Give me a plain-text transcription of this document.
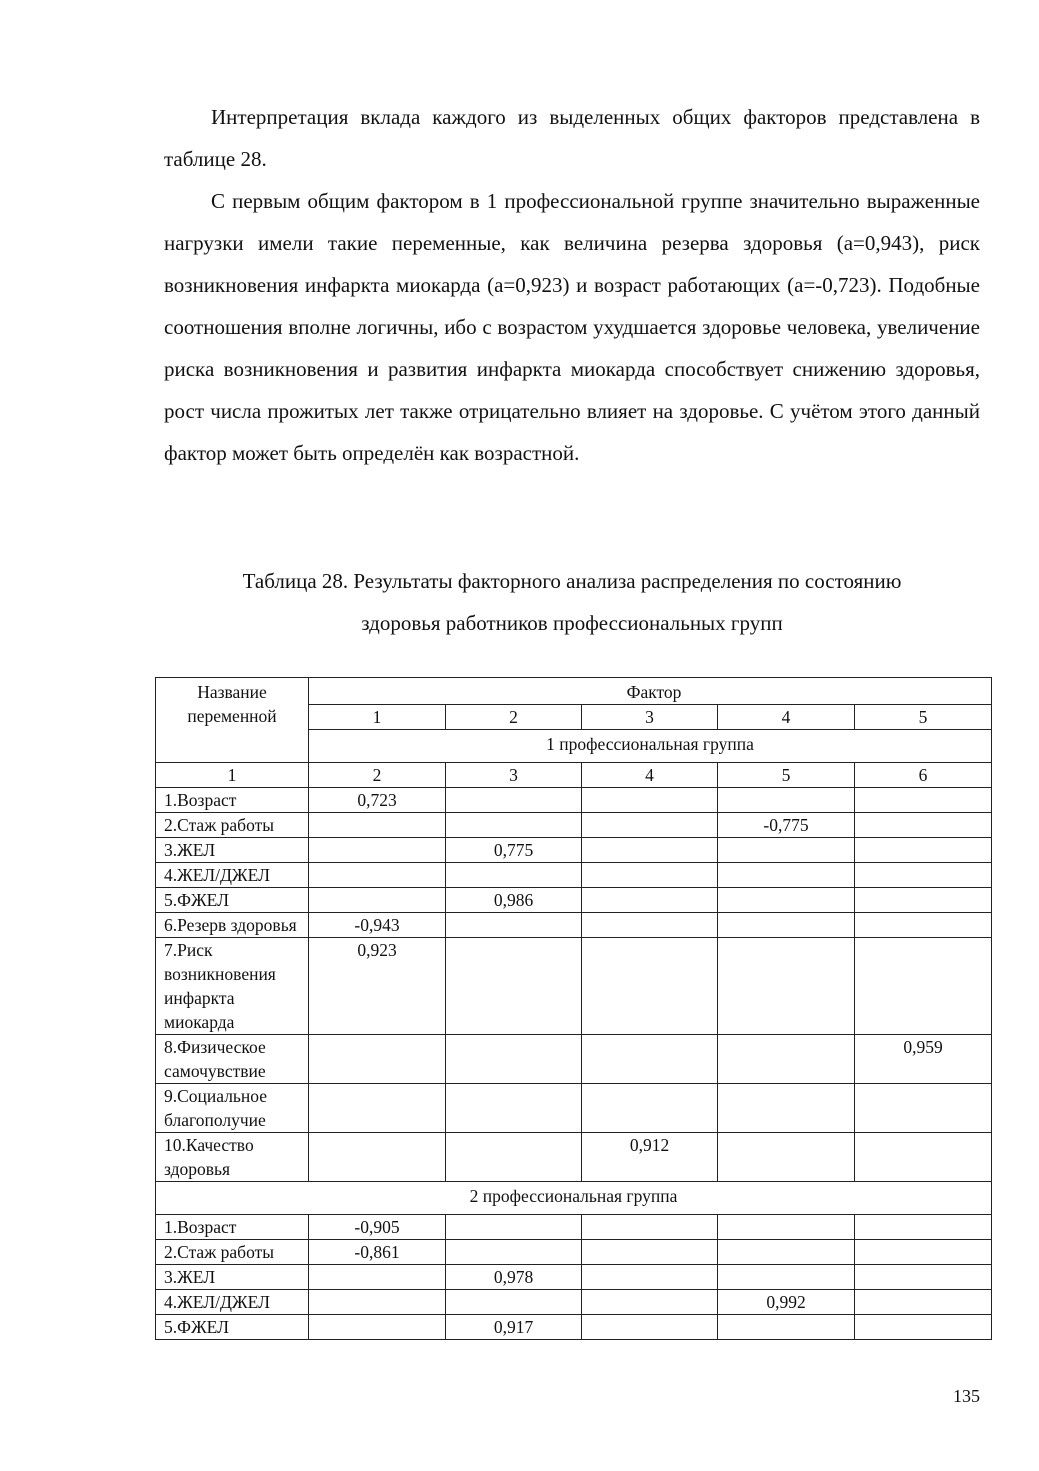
Интерпретация вклада каждого из выделенных общих факторов представлена в таблице 28.

С первым общим фактором в 1 профессиональной группе значительно выраженные нагрузки имели такие переменные, как величина резерва здоровья (а=0,943), риск возникновения инфаркта миокарда (а=0,923) и возраст работающих (а=-0,723). Подобные соотношения вполне логичны, ибо с возрастом ухудшается здоровье человека, увеличение риска возникновения и развития инфаркта миокарда способствует снижению здоровья, рост числа прожитых лет также отрицательно влияет на здоровье. С учётом этого данный фактор может быть определён как возрастной.

Таблица 28. Результаты факторного анализа распределения по состоянию
здоровья работников профессиональных групп
Название переменной	Фактор				
	1	2	3	4	5
	1 профессиональная группа				
1	2	3	4	5	6
1.Возраст	0,723				
2.Стаж работы				-0,775	
3.ЖЕЛ		0,775			
4.ЖЕЛ/ДЖЕЛ					
5.ФЖЕЛ		0,986			
6.Резерв здоровья	-0,943				
7.Риск возникновения инфаркта миокарда	0,923				
8.Физическое самочувствие					0,959
9.Социальное благополучие					
10.Качество здоровья			0,912		
2 профессиональная группа					
1.Возраст	-0,905				
2.Стаж работы	-0,861				
3.ЖЕЛ		0,978			
4.ЖЕЛ/ДЖЕЛ				0,992	
5.ФЖЕЛ		0,917			
135
